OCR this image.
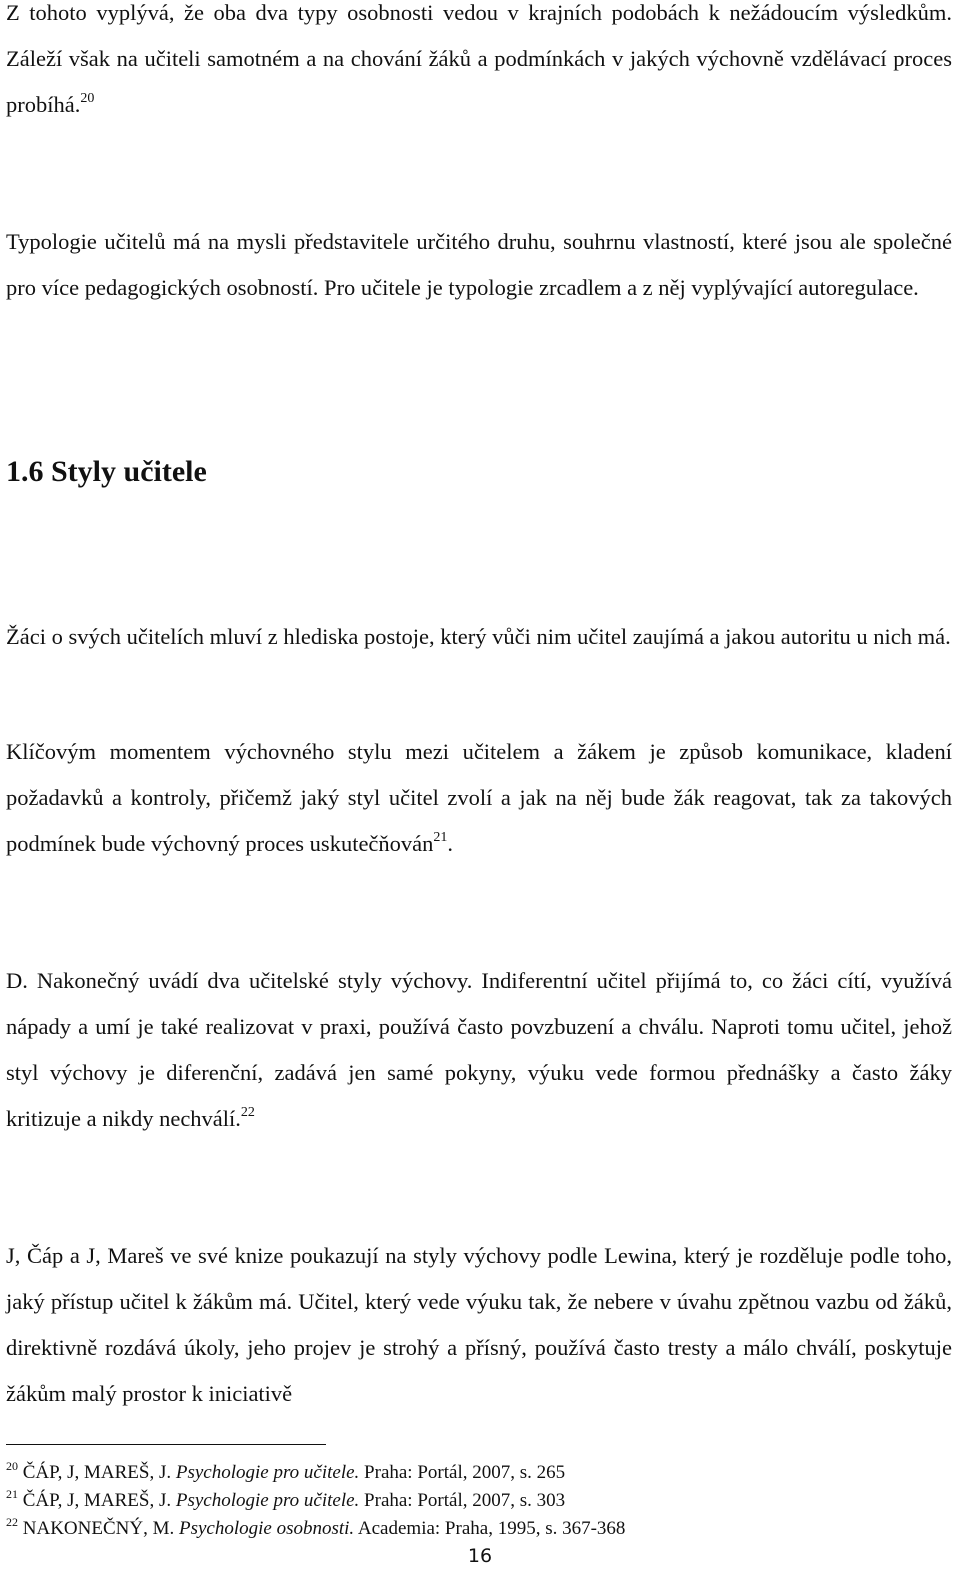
Z tohoto vyplývá, že oba dva typy osobnosti vedou v krajních podobách k nežádoucím výsledkům. Záleží však na učiteli samotném a na chování žáků a podmínkách v jakých výchovně vzdělávací proces probíhá.$^{20}$

Typologie učitelů má na mysli představitele určitého druhu, souhrnu vlastností, které jsou ale společné pro více pedagogických osobností. Pro učitele je typologie zrcadlem a z něj vyplývající autoregulace.

1.6 Styly učitele

Žáci o svých učitelích mluví z hlediska postoje, který vůči nim učitel zaujímá a jakou autoritu u nich má.

Klíčovým momentem výchovného stylu mezi učitelem a žákem je způsob komunikace, kladení požadavků a kontroly, přičemž jaký styl učitel zvolí a jak na něj bude žák reagovat, tak za takových podmínek bude výchovný proces uskutečňován$^{21}$.

D. Nakonečný uvádí dva učitelské styly výchovy. Indiferentní učitel přijímá to, co žáci cítí, využívá nápady a umí je také realizovat v praxi, používá často povzbuzení a chválu. Naproti tomu učitel, jehož styl výchovy je diferenční, zadává jen samé pokyny, výuku vede formou přednášky a často žáky kritizuje a nikdy nechválí.$^{22}$

J, Čáp a J, Mareš ve své knize poukazují na styly výchovy podle Lewina, který je rozděluje podle toho, jaký přístup učitel k žákům má. Učitel, který vede výuku tak, že nebere v úvahu zpětnou vazbu od žáků, direktivně rozdává úkoly, jeho projev je strohý a přísný, používá často tresty a málo chválí, poskytuje žákům malý prostor k iniciativě

$^{20}$ ČÁP, J, MAREŠ, J. Psychologie pro učitele. Praha: Portál, 2007, s. 265

$^{21}$ ČÁP, J, MAREŠ, J. Psychologie pro učitele. Praha: Portál, 2007, s. 303

$^{22}$ NAKONEČNÝ, M. Psychologie osobnosti. Academia: Praha, 1995, s. 367-368

16
